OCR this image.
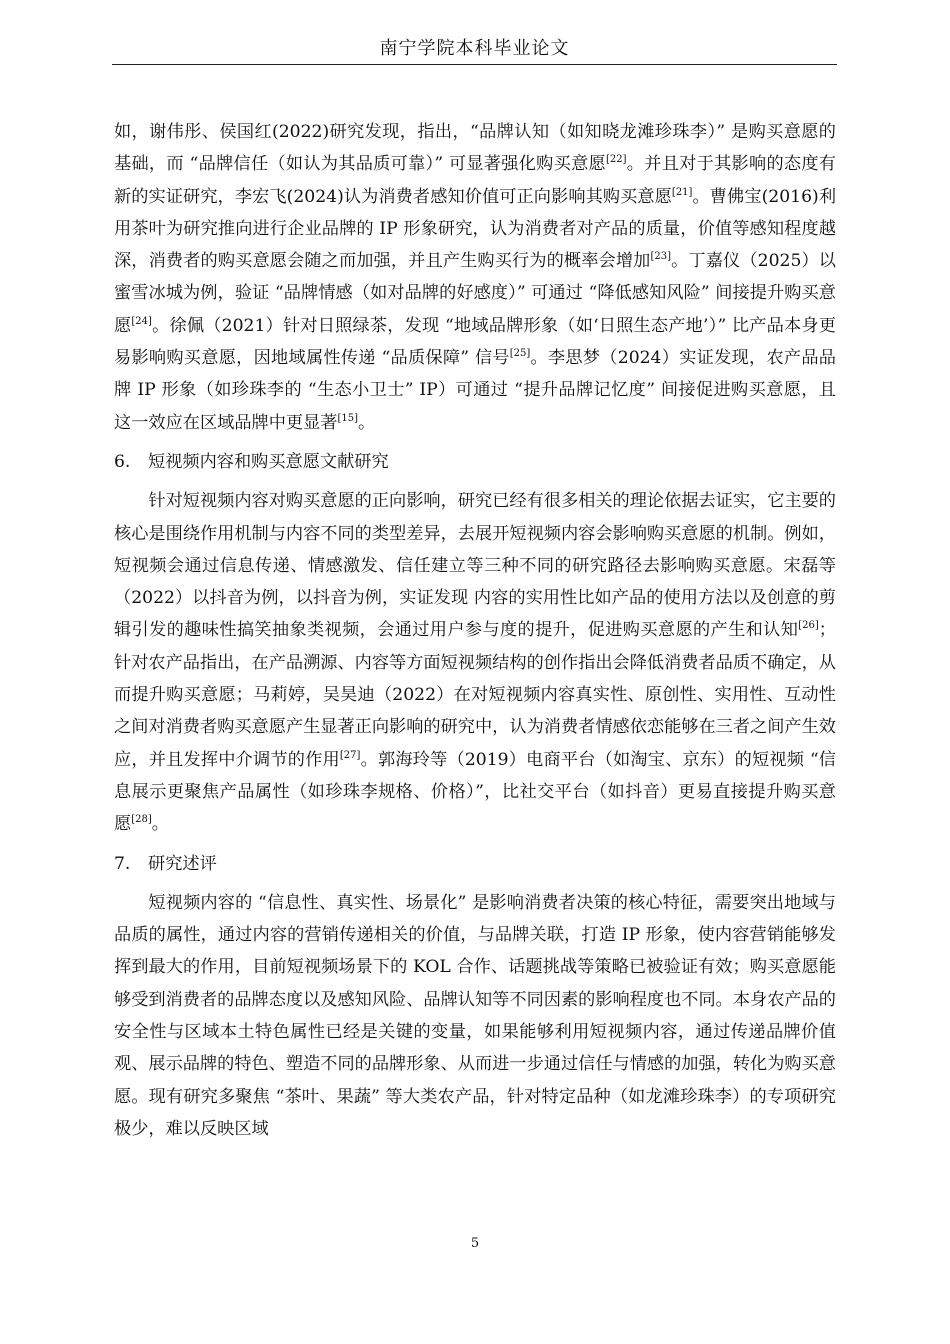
南宁学院本科毕业论文

如，谢伟彤、侯国红(2022)研究发现，指出，“品牌认知（如知晓龙滩珍珠李）” 是购买意愿的基础，而 “品牌信任（如认为其品质可靠）” 可显著强化购买意愿[22]。并且对于其影响的态度有新的实证研究，李宏飞(2024)认为消费者感知价值可正向影响其购买意愿[21]。曹佛宝(2016)利用茶叶为研究推向进行企业品牌的 IP 形象研究，认为消费者对产品的质量，价值等感知程度越深，消费者的购买意愿会随之而加强，并且产生购买行为的概率会增加[23]。丁嘉仪（2025）以蜜雪冰城为例，验证 “品牌情感（如对品牌的好感度）” 可通过 “降低感知风险” 间接提升购买意愿[24]。徐佩（2021）针对日照绿茶，发现 “地域品牌形象（如‘日照生态产地’）” 比产品本身更易影响购买意愿，因地域属性传递 “品质保障” 信号[25]。李思梦（2024）实证发现，农产品品牌 IP 形象（如珍珠李的 “生态小卫士” IP）可通过 “提升品牌记忆度” 间接促进购买意愿，且这一效应在区域品牌中更显著[15]。

6. 短视频内容和购买意愿文献研究

针对短视频内容对购买意愿的正向影响，研究已经有很多相关的理论依据去证实，它主要的核心是围绕作用机制与内容不同的类型差异，去展开短视频内容会影响购买意愿的机制。例如，短视频会通过信息传递、情感激发、信任建立等三种不同的研究路径去影响购买意愿。宋磊等（2022）以抖音为例，以抖音为例，实证发现 内容的实用性比如产品的使用方法以及创意的剪辑引发的趣味性搞笑抽象类视频，会通过用户参与度的提升，促进购买意愿的产生和认知[26]；针对农产品指出，在产品溯源、内容等方面短视频结构的创作指出会降低消费者品质不确定，从而提升购买意愿；马莉婷，吴昊迪（2022）在对短视频内容真实性、原创性、实用性、互动性之间对消费者购买意愿产生显著正向影响的研究中，认为消费者情感依恋能够在三者之间产生效应，并且发挥中介调节的作用[27]。郭海玲等（2019）电商平台（如淘宝、京东）的短视频 “信息展示更聚焦产品属性（如珍珠李规格、价格）”，比社交平台（如抖音）更易直接提升购买意愿[28]。

7. 研究述评

短视频内容的 “信息性、真实性、场景化” 是影响消费者决策的核心特征，需要突出地域与品质的属性，通过内容的营销传递相关的价值，与品牌关联，打造 IP 形象，使内容营销能够发挥到最大的作用，目前短视频场景下的 KOL 合作、话题挑战等策略已被验证有效；购买意愿能够受到消费者的品牌态度以及感知风险、品牌认知等不同因素的影响程度也不同。本身农产品的安全性与区域本土特色属性已经是关键的变量，如果能够利用短视频内容，通过传递品牌价值观、展示品牌的特色、塑造不同的品牌形象、从而进一步通过信任与情感的加强，转化为购买意愿。现有研究多聚焦 “茶叶、果蔬” 等大类农产品，针对特定品种（如龙滩珍珠李）的专项研究极少，难以反映区域

5
